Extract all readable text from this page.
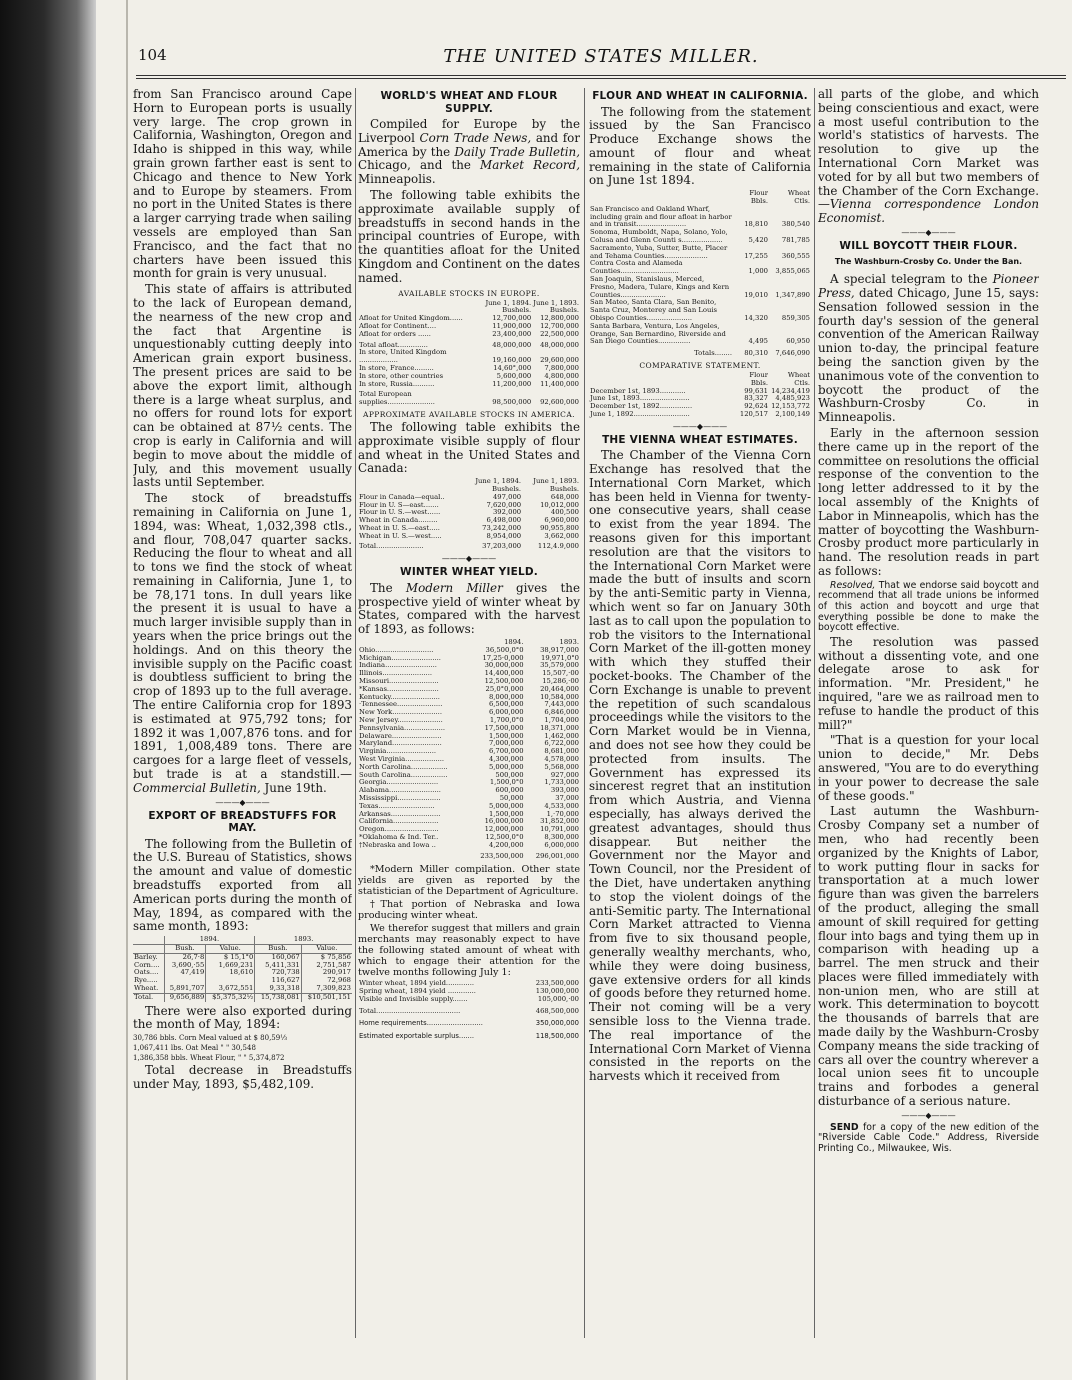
104	THE UNITED STATES MILLER.

from San Francisco around Cape Horn to European ports is usually very large. The crop grown in California, Washington, Oregon and Idaho is shipped in this way, while grain grown farther east is sent to Chicago and thence to New York and to Europe by steamers. From no port in the United States is there a larger carrying trade when sailing vessels are employed than San Francisco, and the fact that no charters have been issued this month for grain is very unusual.

This state of affairs is attributed to the lack of European demand, the nearness of the new crop and the fact that Argentine is unquestionably cutting deeply into American grain export business. The present prices are said to be above the export limit, although there is a large wheat surplus, and no offers for round lots for export can be obtained at 87½ cents. The crop is early in California and will begin to move about the middle of July, and this movement usually lasts until September.

The stock of breadstuffs remaining in California on June 1, 1894, was: Wheat, 1,032,398 ctls., and flour, 708,047 quarter sacks. Reducing the flour to wheat and all to tons we find the stock of wheat remaining in California, June 1, to be 78,171 tons. In dull years like the present it is usual to have a much larger invisible supply than in years when the price brings out the holdings. And on this theory the invisible supply on the Pacific coast is doubtless sufficient to bring the crop of 1893 up to the full average. The entire California crop for 1893 is estimated at 975,792 tons; for 1892 it was 1,007,876 tons. and for 1891, 1,008,489 tons. There are cargoes for a large fleet of vessels, but trade is at a standstill.— Commercial Bulletin, June 19th.

———◆———
EXPORT OF BREADSTUFFS FOR MAY.

The following from the Bulletin of the U.S. Bureau of Statistics, shows the amount and value of domestic breadstuffs exported from all American ports during the month of May, 1894, as compared with the same month, 1893:

	1894.		1893.	
	Bush.	Value.	Bush.	Value.
Barley.	26,7·8	$ 15,1°0	160,067	$ 75,856
Corn....	3,690,·55	1,669,231	5,411,331	2,751,587
Oats....	47,419	18,610	720,738	290,917
Rye.....			116,627	72,968
Wheat.	5,891,707	3,672,551	9,33,318	7,309,823
Total.	9,656,889	$5,375,32½	15,738,081	$10,501,151

There were also exported during the month of May, 1894:

30,786 bbls. Corn Meal valued at $ 80,59⅓

1,067,411 lbs. Oat Meal " " 30,548

1,386,358 bbls. Wheat Flour, " " 5,374,872

Total decrease in Breadstuffs under May, 1893, $5,482,109.

WORLD'S WHEAT AND FLOUR SUPPLY.

Compiled for Europe by the Liverpool Corn Trade News, and for America by the Daily Trade Bulletin, Chicago, and the Market Record, Minneapolis.

The following table exhibits the approximate available supply of breadstuffs in second hands in the principal countries of Europe, with the quantities afloat for the United Kingdom and Continent on the dates named.

AVAILABLE STOCKS IN EUROPE.
	June 1, 1894.	June 1, 1893.
	Bushels.	Bushels.
Afloat for United Kingdom......	12,700,000	12,800,000
Afloat for Continent....	11,900,000	12,700,000
Afloat for orders ......	23,400,000	22,500,000
Total afloat..............	48,000,000	48,000,000
In store, United Kingdom ..................	19,160,000	29,600,000
In store, France.........	14,60°,000	7,800,000
In store, other countries	5,600,000	4,800,000
In store, Russia..........	11,200,000	11,400,000
Total European supplies......................	98,500,000	92,600,000
APPROXIMATE AVAILABLE STOCKS IN AMERICA.

The following table exhibits the approximate visible supply of flour and wheat in the United States and Canada:

	June 1, 1894.	June 1, 1893.
	Bushels.	Bushels.
Flour in Canada—equal..	497,000	648,000
Flour in U. S—east.......	7,620,000	10,012,000
Flour in U. S.—west......	392,000	400,500
Wheat in Canada.........	6,498,000	6,960,000
Wheat in U. S.—east.....	73,242,000	90,955,800
Wheat in U. S.—west.....	8,954,000	3,662,000
Total......................	37,203,000	112,4.9,000
———◆———
WINTER WHEAT YIELD.

The Modern Miller gives the prospective yield of winter wheat by States, compared with the harvest of 1893, as follows:

	1894.	1893.
Ohio...........................	36,500,0°0	38,917,000
Michigan.......................	17,25·0,000	19,971,0°0
Indiana........................	30,000,000	35,579,000
Illinois.......................	14,400,000	15,507,·00
Missouri.......................	12,500,000	15,286,·00
*Kansas........................	25,0°0,000	20,464,000
Kentucky.......................	8,000,000	10,584,000
·Tennessee.....................	6,500,000	7,443,000
New York.......................	6,000,000	6,846,000
New Jersey.....................	1,700,0°0	1,704,000
Pennsylvania...................	17,500,000	18,371,000
Delaware.......................	1,500,000	1,462,000
Maryland.......................	7,000,000	6,722,000
Virginia.......................	6,700,000	8,681,000
West Virginia..................	4,300,000	4,578,000
North Carolina.................	5,000,000	5,568,000
South Carolina.................	500,000	927,000
Georgia........................	1,500,0°0	1,733,000
Alabama........................	600,000	393,000
Mississippi....................	50,000	37,000
Texas..........................	5,000,000	4,533,000
Arkansas.......................	1,500,000	1,·70,000
California.....................	16,000,000	31,852,000
Oregon.........................	12,000,000	10,791,000
*Oklahoma & Ind. Ter..	12,500,0°0	8,300,000
†Nebraska and Iowa ..	4,200,000	6,000,000
	233,500,000	296,001,000

*Modern Miller compilation. Other state yields are given as reported by the statistician of the Department of Agriculture.

†That portion of Nebraska and Iowa producing winter wheat.

We therefor suggest that millers and grain merchants may reasonably expect to have the following stated amount of wheat with which to engage their attention for the twelve months following July 1:

Winter wheat, 1894 yield.............	233,500,000
Spring wheat, 1894 yield .............	130,000,000
Visible and Invisible supply.......	105,000,·00
Total.......................................	468,500,000
Home requirements..........................	350,000,000
Estimated exportable surplus.......	118,500,000
FLOUR AND WHEAT IN CALIFORNIA.

The following from the statement issued by the San Francisco Produce Exchange shows the amount of flour and wheat remaining in the state of California on June 1st 1894.

	Flour Bbls.	Wheat Ctls.
San Francisco and Oakland Wharf, including grain and flour afloat in harbor and in transit.......................	18,810	380,540
Sonoma, Humboldt, Napa, Solano, Yolo, Colusa and Glenn Counti s...................	5,420	781,785
Sacramento, Yuba, Sutter, Butte, Placer and Tehama Counties....................	17,255	360,555
Contra Costa and Alameda Counties...........................	1,000	3,855,065
San Joaquin, Stanislaus, Merced, Fresno, Madera, Tulare, Kings and Kern Counties.....................	19,010	1,347,890
San Mateo, Santa Clara, San Benito, Santa Cruz, Monterey and San Louis Obispo Counties.....................	14,320	859,305
Santa Barbara, Ventura, Los Angeles, Orange, San Bernardino, Riverside and San Diego Counties...............	4,495	60,950
Totals........	80,310	7,646,090
COMPARATIVE STATEMENT.
	Flour Bbls.	Wheat Ctls.
December 1st, 1893............	99,631	14,234,419
June 1st, 1893.......................	83,327	4,485,923
December 1st, 1892...............	92,624	12,153,772
June 1, 1892..........................	120,517	2,100,149
———◆———
THE VIENNA WHEAT ESTIMATES.

The Chamber of the Vienna Corn Exchange has resolved that the International Corn Market, which has been held in Vienna for twenty-one consecutive years, shall cease to exist from the year 1894. The reasons given for this important resolution are that the visitors to the International Corn Market were made the butt of insults and scorn by the anti-Semitic party in Vienna, which went so far on January 30th last as to call upon the population to rob the visitors to the International Corn Market of the ill-gotten money with which they stuffed their pocket-books. The Chamber of the Corn Exchange is unable to prevent the repetition of such scandalous proceedings while the visitors to the Corn Market would be in Vienna, and does not see how they could be protected from insults. The Government has expressed its sincerest regret that an institution from which Austria, and Vienna especially, has always derived the greatest advantages, should thus disappear. But neither the Government nor the Mayor and Town Council, nor the President of the Diet, have undertaken anything to stop the violent doings of the anti-Semitic party. The International Corn Market attracted to Vienna from five to six thousand people, generally wealthy merchants, who, while they were doing business, gave extensive orders for all kinds of goods before they returned home. Their not coming will be a very sensible loss to the Vienna trade. The real importance of the International Corn Market of Vienna consisted in the reports on the harvests which it received from

all parts of the globe, and which being conscientious and exact, were a most useful contribution to the world's statistics of harvests. The resolution to give up the International Corn Market was voted for by all but two members of the Chamber of the Corn Exchange.—Vienna correspondence London Economist.

———◆———
WILL BOYCOTT THEIR FLOUR.
The Washburn-Crosby Co. Under the Ban.

A special telegram to the Pioneer Press, dated Chicago, June 15, says: Sensation followed session in the fourth day's session of the general convention of the American Railway union to-day, the principal feature being the sanction given by the unanimous vote of the convention to boycott the product of the Washburn-Crosby Co. in Minneapolis.

Early in the afternoon session there came up in the report of the committee on resolutions the official response of the convention to the long letter addressed to it by the local assembly of the Knights of Labor in Minneapolis, which has the matter of boycotting the Washburn-Crosby product more particularly in hand. The resolution reads in part as follows:

Resolved, That we endorse said boycott and recommend that all trade unions be informed of this action and boycott and urge that everything possible be done to make the boycott effective.

The resolution was passed without a dissenting vote, and one delegate arose to ask for information. "Mr. President," he inquired, "are we as railroad men to refuse to handle the product of this mill?"

"That is a question for your local union to decide," Mr. Debs answered, "You are to do everything in your power to decrease the sale of these goods."

Last autumn the Washburn-Crosby Company set a number of men, who had recently been organized by the Knights of Labor, to work putting flour in sacks for transportation at a much lower figure than was given the barrelers of the product, alleging the small amount of skill required for getting flour into bags and tying them up in comparison with heading up a barrel. The men struck and their places were filled immediately with non-union men, who are still at work. This determination to boycott the thousands of barrels that are made daily by the Washburn-Crosby Company means the side tracking of cars all over the country wherever a local union sees fit to uncouple trains and forbodes a general disturbance of a serious nature.

———◆———

SEND for a copy of the new edition of the "Riverside Cable Code." Address, Riverside Printing Co., Milwaukee, Wis.
